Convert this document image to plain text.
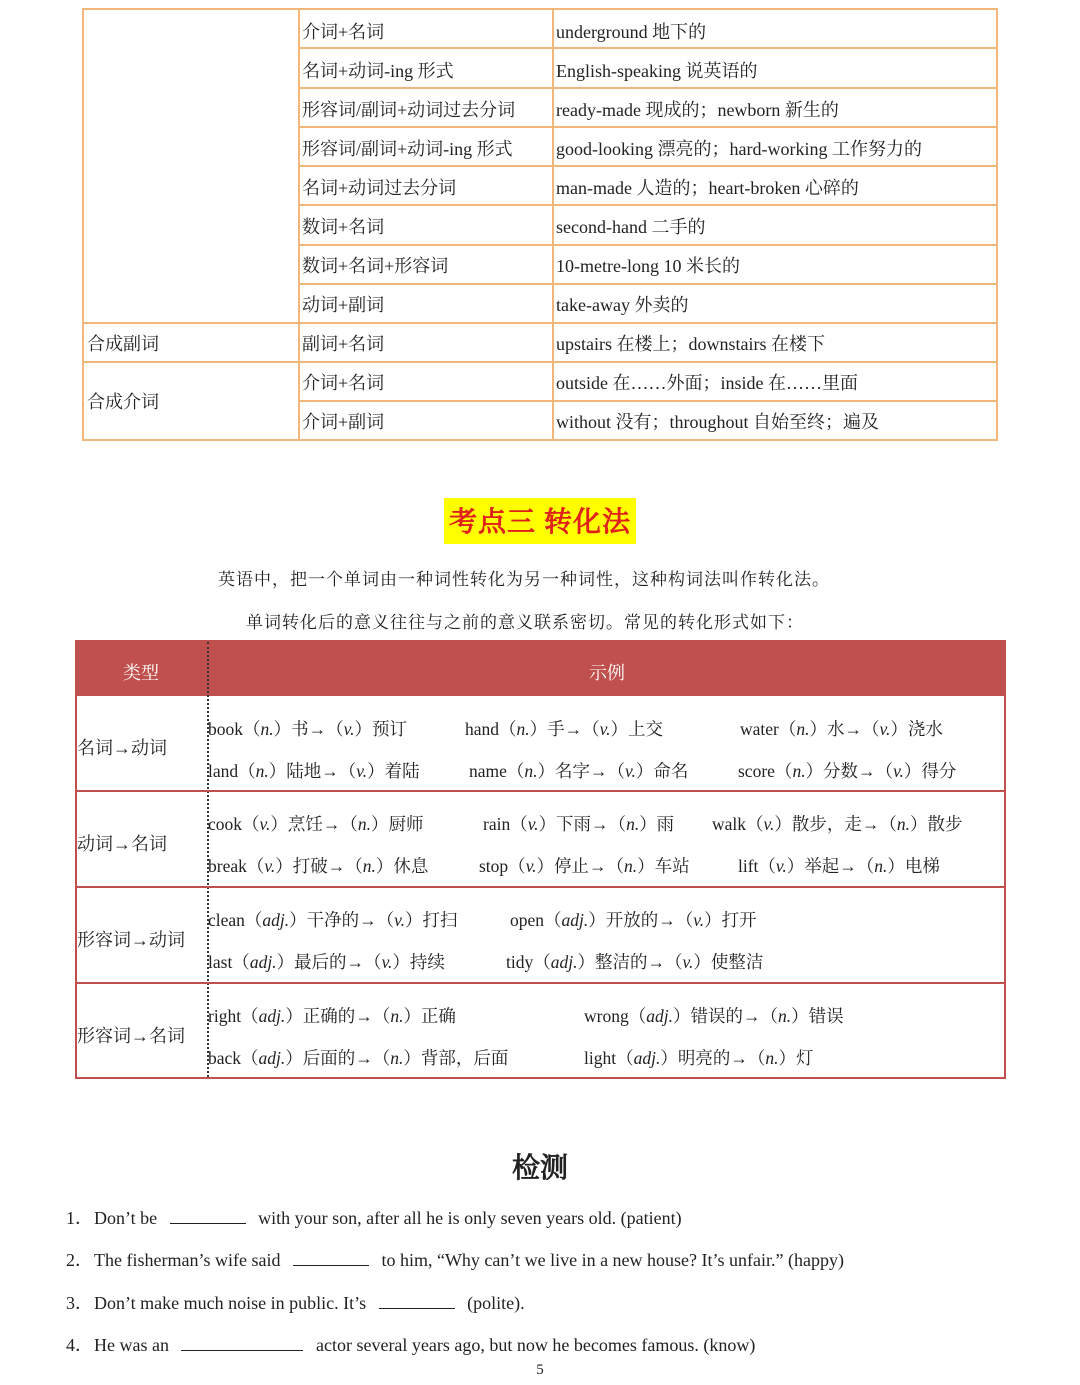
介词+名词	underground 地下的
名词+动词-ing 形式	English-speaking 说英语的
形容词/副词+动词过去分词 ready-made 现成的；newborn 新生的
形容词/副词+动词-ing 形式 good-looking 漂亮的；hard-working 工作努力的
名词+动词过去分词	man-made 人造的；heart-broken 心碎的
数词+名词	second-hand 二手的
数词+名词+形容词	10-metre-long 10 米长的
动词+副词	take-away 外卖的
合成副词	副词+名词	upstairs 在楼上；downstairs 在楼下
合成介词
介词+名词	outside 在……外面；inside 在……里面
介词+副词	without 没有；throughout 自始至终；遍及
考点三 转化法
英语中，把一个单词由一种词性转化为另一种词性，这种构词法叫作转化法。
单词转化后的意义往往与之前的意义联系密切。常见的转化形式如下：
类型	示例
名词→动词
book（n.）书→（v.）预订	hand（n.）手→（v.）上交	water（n.）水→（v.）浇水
land（n.）陆地→（v.）着陆	name（n.）名字→（v.）命名	score（n.）分数→（v.）得分
动词→名词
cook（v.）烹饪→（n.）厨师	rain（v.）下雨→（n.）雨 walk（v.）散步，走→（n.）散步
break（v.）打破→（n.）休息	stop（v.）停止→（n.）车站	lift（v.）举起→（n.）电梯
形容词→动词
clean（adj.）干净的→（v.）打扫	open（adj.）开放的→（v.）打开
last（adj.）最后的→（v.）持续	tidy（adj.）整洁的→（v.）使整洁
形容词→名词
right（adj.）正确的→（n.）正确	wrong（adj.）错误的→（n.）错误
back（adj.）后面的→（n.）背部，后面	light（adj.）明亮的→（n.）灯
检测
1．Don’t be	with your son, after all he is only seven years old. (patient)
2．The fisherman’s wife said	to him, “Why can’t we live in a new house? It’s unfair.” (happy)
3．Don’t make much noise in public. It’s	(polite).
4．He was an	actor several years ago, but now he becomes famous. (know)
5
